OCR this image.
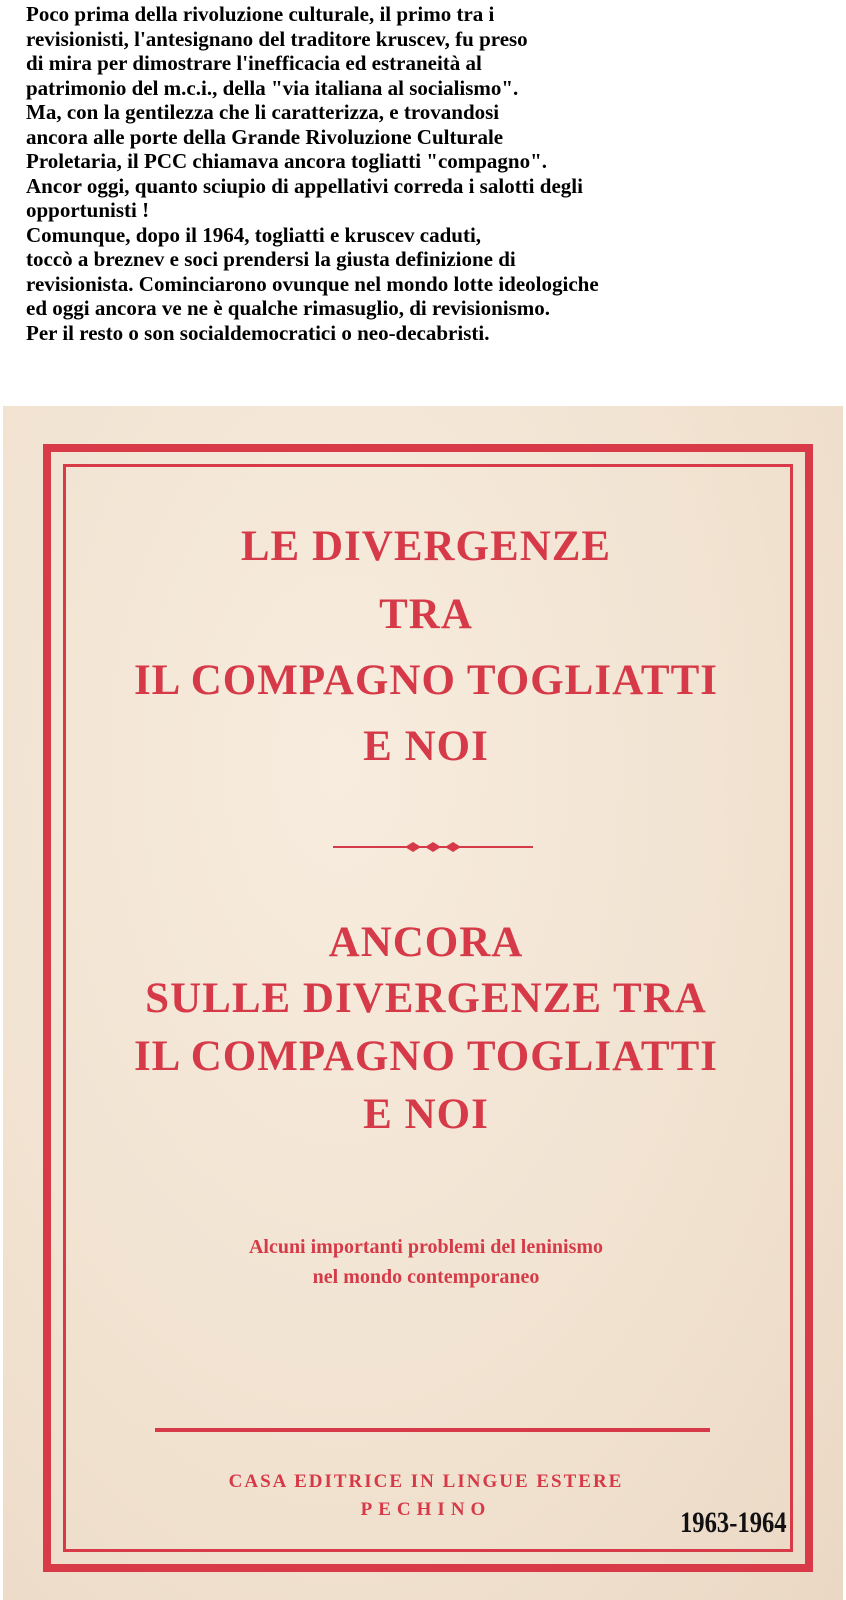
Poco prima della rivoluzione culturale, il primo tra i
revisionisti, l'antesignano del traditore kruscev, fu preso
di mira per dimostrare l'inefficacia ed estraneità al
patrimonio del m.c.i., della "via italiana al socialismo".
Ma, con la gentilezza che li caratterizza, e trovandosi
ancora alle porte della Grande Rivoluzione Culturale
Proletaria, il PCC chiamava ancora togliatti "compagno".
Ancor oggi, quanto sciupio di appellativi correda i salotti degli
opportunisti !
Comunque, dopo il 1964, togliatti e kruscev caduti,
toccò a breznev e soci prendersi la giusta definizione di
revisionista. Cominciarono ovunque nel mondo lotte ideologiche
ed oggi ancora ve ne è qualche rimasuglio, di revisionismo.
Per il resto o son socialdemocratici o neo-decabristi.
LE DIVERGENZE
TRA
IL COMPAGNO TOGLIATTI
E NOI
ANCORA
SULLE DIVERGENZE TRA
IL COMPAGNO TOGLIATTI
E NOI
Alcuni importanti problemi del leninismo
nel mondo contemporaneo
CASA EDITRICE IN LINGUE ESTERE
PECHINO	1963-1964
